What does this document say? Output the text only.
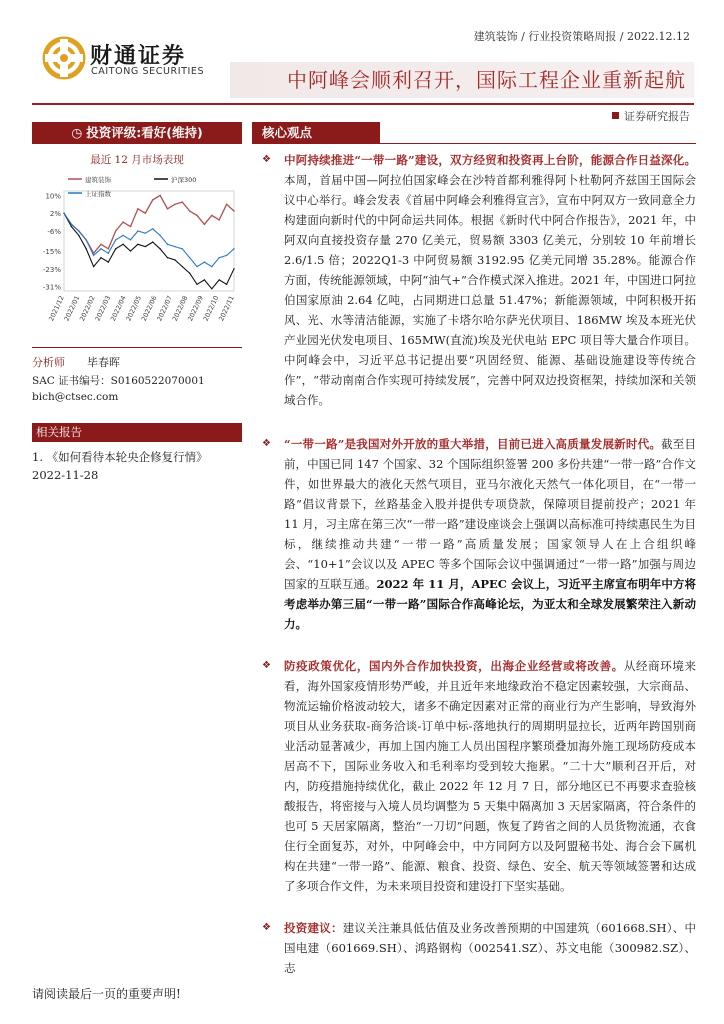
财通证券
CAITONG SECURITIES
建筑装饰 / 行业投资策略周报 / 2022.12.12
中阿峰会顺利召开，国际工程企业重新起航
证券研究报告
◷ 投资评级:看好(维持)
最近 12 月市场表现
10%
2%
-6%
-15%
-23%
-31%
2021/12
2022/01
2022/02
2022/03
2022/04
2022/05
2022/06
2022/07
2022/08
2022/09
2022/10
2022/11
建筑装饰	沪深300
上证指数
分析师 毕春晖
SAC 证书编号：S0160522070001
bich@ctsec.com
相关报告
1. 《如何看待本轮央企修复行情》
2022-11-28
核心观点
❖ 中阿持续推进“一带一路”建设，双方经贸和投资再上台阶，能源合作日益深化。本周，首届中国—阿拉伯国家峰会在沙特首都利雅得阿卜杜勒阿齐兹国王国际会议中心举行。峰会发表《首届中阿峰会利雅得宣言》，宣布中阿双方一致同意全力构建面向新时代的中阿命运共同体。根据《新时代中阿合作报告》，2021 年，中阿双向直接投资存量 270 亿美元，贸易额 3303 亿美元，分别较 10 年前增长 2.6/1.5 倍；2022Q1-3 中阿贸易额 3192.95 亿美元同增 35.28%。能源合作方面，传统能源领域，中阿“油气+”合作模式深入推进。2021 年，中国进口阿拉伯国家原油 2.64 亿吨，占同期进口总量 51.47%；新能源领域，中阿积极开拓风、光、水等清洁能源，实施了卡塔尔哈尔萨光伏项目、186MW 埃及本班光伏产业园光伏发电项目、165MW(直流)埃及光伏电站 EPC 项目等大量合作项目。中阿峰会中，习近平总书记提出要“巩固经贸、能源、基础设施建设等传统合作”，“带动南南合作实现可持续发展”，完善中阿双边投资框架，持续加深和关领域合作。
❖ “一带一路”是我国对外开放的重大举措，目前已进入高质量发展新时代。截至目前，中国已同 147 个国家、32 个国际组织签署 200 多份共建“一带一路”合作文件，如世界最大的液化天然气项目，亚马尔液化天然气一体化项目，在“一带一路”倡议背景下，丝路基金入股并提供专项贷款，保障项目提前投产；2021 年 11 月，习主席在第三次“一带一路”建设座谈会上强调以高标准可持续惠民生为目标，继续推动共建“一带一路”高质量发展；国家领导人在上合组织峰会、“10+1”会议以及 APEC 等多个国际会议中强调通过“一带一路”加强与周边国家的互联互通。2022 年 11 月，APEC 会议上，习近平主席宣布明年中方将考虑举办第三届“一带一路”国际合作高峰论坛，为亚太和全球发展繁荣注入新动力。
❖ 防疫政策优化，国内外合作加快投资，出海企业经营或将改善。从经商环境来看，海外国家疫情形势严峻，并且近年来地缘政治不稳定因素较强，大宗商品、物流运输价格波动较大，诸多不确定因素对正常的商业行为产生影响，导致海外项目从业务获取-商务洽谈-订单中标-落地执行的周期明显拉长，近两年跨国别商业活动显著减少，再加上国内施工人员出国程序繁琐叠加海外施工现场防疫成本居高不下，国际业务收入和毛利率均受到较大拖累。“二十大”顺利召开后，对内，防疫措施持续优化，截止 2022 年 12 月 7 日，部分地区已不再要求查验核酸报告，将密接与入境人员均调整为 5 天集中隔离加 3 天居家隔离，符合条件的也可 5 天居家隔离，整治“一刀切”问题，恢复了跨省之间的人员货物流通，衣食住行全面复苏，对外，中阿峰会中，中方同阿方以及阿盟秘书处、海合会下属机构在共建“一带一路”、能源、粮食、投资、绿色、安全、航天等领域签署和达成了多项合作文件，为未来项目投资和建设打下坚实基础。
❖ 投资建议：建议关注兼具低估值及业务改善预期的中国建筑（601668.SH）、中国电建（601669.SH）、鸿路钢构（002541.SZ）、苏文电能（300982.SZ）、志
请阅读最后一页的重要声明!
